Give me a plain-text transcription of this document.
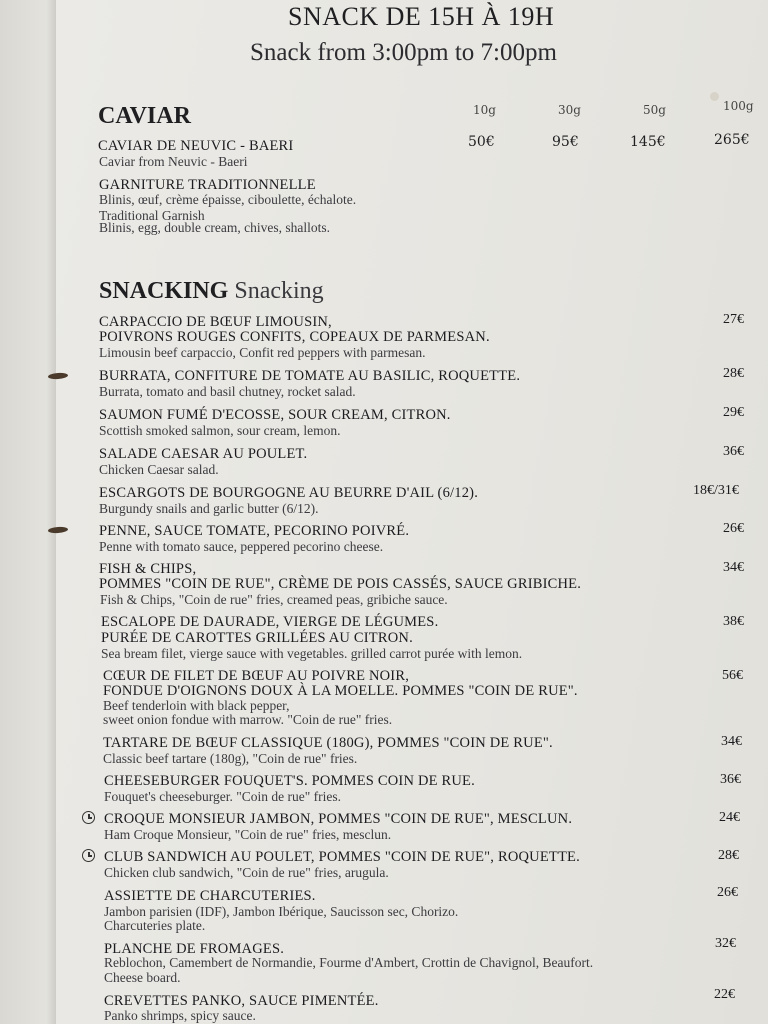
SNACK DE 15H À 19H
Snack from 3:00pm to 7:00pm
CAVIAR	10g	30g	50g	100g
CAVIAR DE NEUVIC - BAERI
Caviar from Neuvic - Baeri
50€	95€	145€	265€
GARNITURE TRADITIONNELLE
Blinis, œuf, crème épaisse, ciboulette, échalote.
Traditional Garnish
Blinis, egg, double cream, chives, shallots.
SNACKING Snacking
CARPACCIO DE BŒUF LIMOUSIN,
POIVRONS ROUGES CONFITS, COPEAUX DE PARMESAN.
Limousin beef carpaccio, Confit red peppers with parmesan.
27€
BURRATA, CONFITURE DE TOMATE AU BASILIC, ROQUETTE.
Burrata, tomato and basil chutney, rocket salad.
28€
SAUMON FUMÉ D'ECOSSE, SOUR CREAM, CITRON.
Scottish smoked salmon, sour cream, lemon.
29€
SALADE CAESAR AU POULET.
Chicken Caesar salad.
36€
ESCARGOTS DE BOURGOGNE AU BEURRE D'AIL (6/12).
Burgundy snails and garlic butter (6/12).
18€/31€
PENNE, SAUCE TOMATE, PECORINO POIVRÉ.
Penne with tomato sauce, peppered pecorino cheese.
26€
FISH & CHIPS,
POMMES "COIN DE RUE", CRÈME DE POIS CASSÉS, SAUCE GRIBICHE.
Fish & Chips, "Coin de rue" fries, creamed peas, gribiche sauce.
34€
ESCALOPE DE DAURADE, VIERGE DE LÉGUMES.
PURÉE DE CAROTTES GRILLÉES AU CITRON.
Sea bream filet, vierge sauce with vegetables. grilled carrot purée with lemon.
38€
CŒUR DE FILET DE BŒUF AU POIVRE NOIR,
FONDUE D'OIGNONS DOUX À LA MOELLE. POMMES "COIN DE RUE".
Beef tenderloin with black pepper,
sweet onion fondue with marrow. "Coin de rue" fries.
56€
TARTARE DE BŒUF CLASSIQUE (180G), POMMES "COIN DE RUE".
Classic beef tartare (180g), "Coin de rue" fries.
34€
CHEESEBURGER FOUQUET'S. POMMES COIN DE RUE.
Fouquet's cheeseburger. "Coin de rue" fries.
36€
CROQUE MONSIEUR JAMBON, POMMES "COIN DE RUE", MESCLUN.
Ham Croque Monsieur, "Coin de rue" fries, mesclun.
24€
CLUB SANDWICH AU POULET, POMMES "COIN DE RUE", ROQUETTE.
Chicken club sandwich, "Coin de rue" fries, arugula.
28€
ASSIETTE DE CHARCUTERIES.
Jambon parisien (IDF), Jambon Ibérique, Saucisson sec, Chorizo.
Charcuteries plate.
26€
PLANCHE DE FROMAGES.
Reblochon, Camembert de Normandie, Fourme d'Ambert, Crottin de Chavignol, Beaufort.
Cheese board.
32€
CREVETTES PANKO, SAUCE PIMENTÉE.
Panko shrimps, spicy sauce.
22€
